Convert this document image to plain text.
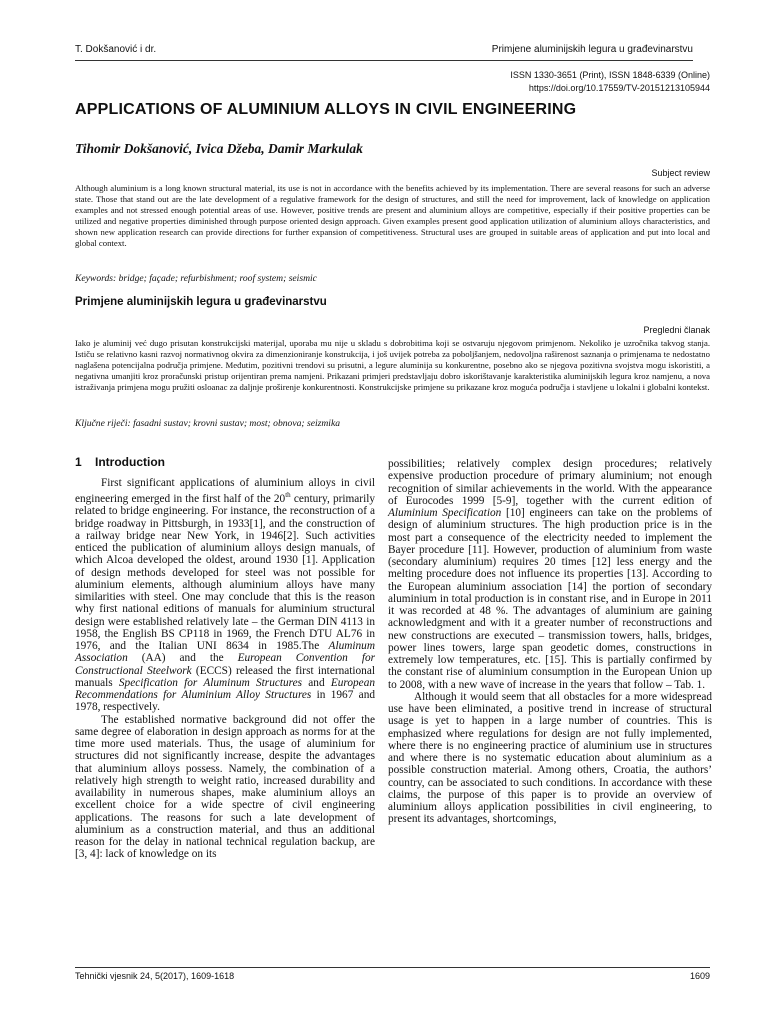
T. Dokšanović i dr.	Primjene aluminijskih legura u građevinarstvu
ISSN 1330-3651 (Print), ISSN 1848-6339 (Online)
https://doi.org/10.17559/TV-20151213105944
APPLICATIONS OF ALUMINIUM ALLOYS IN CIVIL ENGINEERING
Tihomir Dokšanović, Ivica Džeba, Damir Markulak
Subject review
Although aluminium is a long known structural material, its use is not in accordance with the benefits achieved by its implementation. There are several reasons for such an adverse state. Those that stand out are the late development of a regulative framework for the design of structures, and still the need for improvement, lack of knowledge on application examples and not stressed enough potential areas of use. However, positive trends are present and aluminium alloys are competitive, especially if their positive properties can be utilized and negative properties diminished through purpose oriented design approach. Given examples present good application utilization of aluminium alloys characteristics, and shown new application research can provide directions for further expansion of competitiveness. Structural uses are grouped in suitable areas of application and put into local and global context.
Keywords: bridge; façade; refurbishment; roof system; seismic
Primjene aluminijskih legura u građevinarstvu
Pregledni članak
Iako je aluminij već dugo prisutan konstrukcijski materijal, uporaba mu nije u skladu s dobrobitima koji se ostvaruju njegovom primjenom. Nekoliko je uzročnika takvog stanja. Ističu se relativno kasni razvoj normativnog okvira za dimenzioniranje konstrukcija, i još uvijek potreba za poboljšanjem, nedovoljna raširenost saznanja o primjenama te nedostatno naglašena potencijalna područja primjene. Međutim, pozitivni trendovi su prisutni, a legure aluminija su konkurentne, posebno ako se njegova pozitivna svojstva mogu iskoristiti, a negativna umanjiti kroz proračunski pristup orijentiran prema namjeni. Prikazani primjeri predstavljaju dobro iskorištavanje karakteristika aluminijskih legura kroz namjenu, a nova istraživanja primjena mogu pružiti osloanac za daljnje proširenje konkurentnosti. Konstrukcijske primjene su prikazane kroz moguća područja i stavljene u lokalni i globalni kontekst.
Ključne riječi: fasadni sustav; krovni sustav; most; obnova; seizmika
1 Introduction

First significant applications of aluminium alloys in civil engineering emerged in the first half of the 20th century, primarily related to bridge engineering. For instance, the reconstruction of a bridge roadway in Pittsburgh, in 1933[1], and the construction of a railway bridge near New York, in 1946[2]. Such activities enticed the publication of aluminium alloys design manuals, of which Alcoa developed the oldest, around 1930 [1]. Application of design methods developed for steel was not possible for aluminium elements, although aluminium alloys have many similarities with steel. One may conclude that this is the reason why first national editions of manuals for aluminium structural design were established relatively late – the German DIN 4113 in 1958, the English BS CP118 in 1969, the French DTU AL76 in 1976, and the Italian UNI 8634 in 1985.The Aluminum Association (AA) and the European Convention for Constructional Steelwork (ECCS) released the first international manuals Specification for Aluminum Structures and European Recommendations for Aluminium Alloy Structures in 1967 and 1978, respectively.

The established normative background did not offer the same degree of elaboration in design approach as norms for at the time more used materials. Thus, the usage of aluminium for structures did not significantly increase, despite the advantages that aluminium alloys possess. Namely, the combination of a relatively high strength to weight ratio, increased durability and availability in numerous shapes, make aluminium alloys an excellent choice for a wide spectre of civil engineering applications. The reasons for such a late development of aluminium as a construction material, and thus an additional reason for the delay in national technical regulation backup, are [3, 4]: lack of knowledge on its

possibilities; relatively complex design procedures; relatively expensive production procedure of primary aluminium; not enough recognition of similar achievements in the world. With the appearance of Eurocodes 1999 [5-9], together with the current edition of Aluminium Specification [10] engineers can take on the problems of design of aluminium structures. The high production price is in the most part a consequence of the electricity needed to implement the Bayer procedure [11]. However, production of aluminium from waste (secondary aluminium) requires 20 times [12] less energy and the melting procedure does not influence its properties [13]. According to the European aluminium association [14] the portion of secondary aluminium in total production is in constant rise, and in Europe in 2011 it was recorded at 48 %. The advantages of aluminium are gaining acknowledgment and with it a greater number of reconstructions and new constructions are executed – transmission towers, halls, bridges, power lines towers, large span geodetic domes, constructions in extremely low temperatures, etc. [15]. This is partially confirmed by the constant rise of aluminium consumption in the European Union up to 2008, with a new wave of increase in the years that follow – Tab. 1.

Although it would seem that all obstacles for a more widespread use have been eliminated, a positive trend in increase of structural usage is yet to happen in a large number of countries. This is emphasized where regulations for design are not fully implemented, where there is no engineering practice of aluminium use in structures and where there is no systematic education about aluminium as a possible construction material. Among others, Croatia, the authors’ country, can be associated to such conditions. In accordance with these claims, the purpose of this paper is to provide an overview of aluminium alloys application possibilities in civil engineering, to present its advantages, shortcomings,

Tehnički vjesnik 24, 5(2017), 1609-1618	1609
